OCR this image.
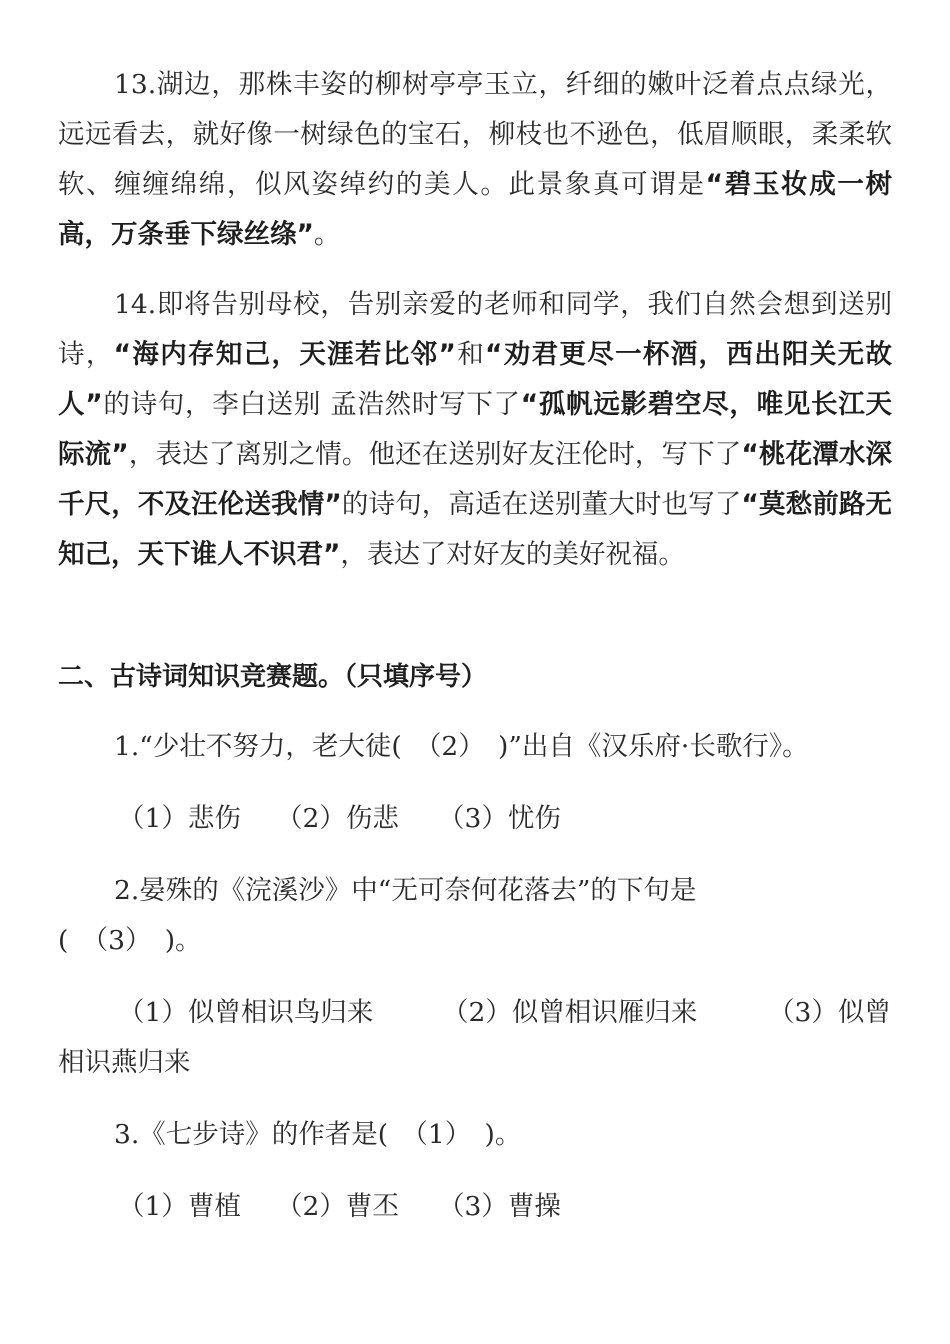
13.湖边，那株丰姿的柳树亭亭玉立，纤细的嫩叶泛着点点绿光，远远看去，就好像一树绿色的宝石，柳枝也不逊色，低眉顺眼，柔柔软软、缠缠绵绵，似风姿绰约的美人。此景象真可谓是“碧玉妆成一树高，万条垂下绿丝绦”。

14.即将告别母校，告别亲爱的老师和同学，我们自然会想到送别诗，“海内存知己，天涯若比邻”和“劝君更尽一杯酒，西出阳关无故人”的诗句，李白送别 孟浩然时写下了“孤帆远影碧空尽，唯见长江天际流”，表达了离别之情。他还在送别好友汪伦时，写下了“桃花潭水深千尺，不及汪伦送我情”的诗句，高适在送别董大时也写了“莫愁前路无知己，天下谁人不识君”，表达了对好友的美好祝福。

二、古诗词知识竞赛题。（只填序号）

1.“少壮不努力，老大徒(　（2）　)”出自《汉乐府·长歌行》。

（1）悲伤 （2）伤悲 （3）忧伤

2.晏殊的《浣溪沙》中“无可奈何花落去”的下句是

(　（3）　)。

（1）似曾相识鸟归来	（2）似曾相识雁归来	（3）似曾

相识燕归来

3.《七步诗》的作者是(　（1）　)。

（1）曹植 （2）曹丕 （3）曹操
